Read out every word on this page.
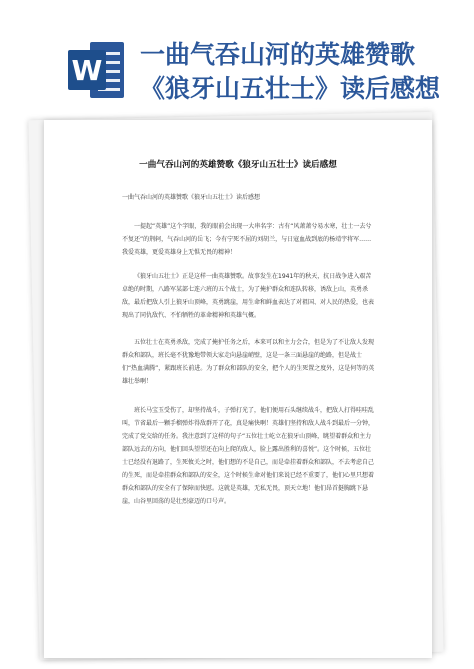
W 一曲气吞山河的英雄赞歌《狼牙山五壮士》读后感想
一曲气吞山河的英雄赞歌《狼牙山五壮士》读后感想
一曲气吞山河的英雄赞歌《狼牙山五壮士》读后感想

一提起“英雄”这个字眼，我的眼前会出现一大串名字：古有“风萧萧兮易水寒，壮士一去兮不复还”的荆轲，气吞山河的岳飞；今有宁死不屈的刘胡兰，与日寇血战到底的杨靖宇将军……我爱英雄，更爱英雄身上无惧无畏的精神！

《狼牙山五壮士》正是这样一曲英雄赞歌。故事发生在1941年的秋天，抗日战争进入艰苦卓绝的时期，八路军某部七连六班的五个战士，为了掩护群众和连队转移，诱敌上山，英勇杀敌，最后把敌人引上狼牙山顶峰，英勇跳崖，用生命和鲜血表达了对祖国、对人民的热爱，也表现出了同仇敌忾、不怕牺牲的革命精神和英雄气概。

五位壮士在英勇杀敌，完成了掩护任务之后，本来可以和主力会合，但是为了不让敌人发现群众和部队，班长毫不犹豫地带领大家走向悬崖峭壁，这是一条三面悬崖的绝路，但是战士们“热血满腾”，紧跟班长前进。为了群众和部队的安全，把个人的生死置之度外，这是何等的英雄壮举啊！

班长马宝玉受伤了，却坚持战斗，子弹打光了，他们便用石头继续战斗，把敌人打得哇哇乱叫，节省最后一颗手榴弹炸得敌群开了花，真是痛快啊！英雄们坚持和敌人战斗到最后一分钟，完成了党交给的任务。我注意到了这样的句子“五位壮士屹立在狼牙山顶峰，眺望着群众和主力部队远去的方向，他们回头望望还在向上爬的敌人，脸上露出胜利的喜悦”。这个时候，五位壮士已经没有退路了，生死攸关之时，他们想的不是自己，而是牵挂着群众和部队，不去考虑自己的生死，而是牵挂群众和部队的安全，这个时候生命对他们来说已经不重要了，他们心里只想着群众和部队的安全有了保障而快慰。这就是英雄，无私无畏，顶天立地！他们昂首挺胸跳下悬崖，山谷里回荡的是壮烈豪迈的口号声。
